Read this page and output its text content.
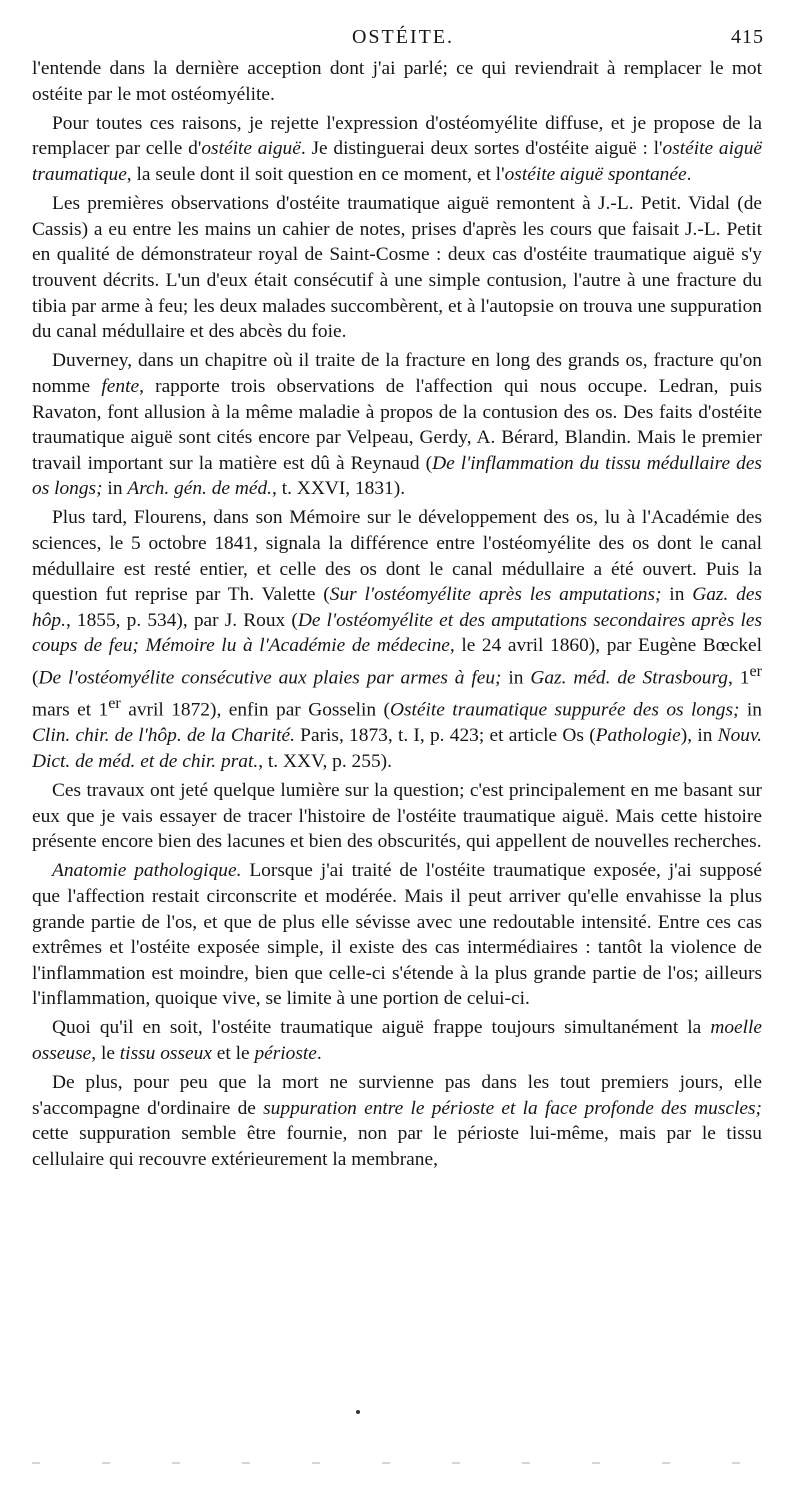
OSTÉITE.	415

l'entende dans la dernière acception dont j'ai parlé; ce qui reviendrait à remplacer le mot ostéite par le mot ostéomyélite.

Pour toutes ces raisons, je rejette l'expression d'ostéomyélite diffuse, et je propose de la remplacer par celle d'ostéite aiguë. Je distinguerai deux sortes d'ostéite aiguë : l'ostéite aiguë traumatique, la seule dont il soit question en ce moment, et l'ostéite aiguë spontanée.

Les premières observations d'ostéite traumatique aiguë remontent à J.-L. Petit. Vidal (de Cassis) a eu entre les mains un cahier de notes, prises d'après les cours que faisait J.-L. Petit en qualité de démonstrateur royal de Saint-Cosme : deux cas d'ostéite traumatique aiguë s'y trouvent décrits. L'un d'eux était consécutif à une simple contusion, l'autre à une fracture du tibia par arme à feu; les deux malades succombèrent, et à l'autopsie on trouva une suppuration du canal médullaire et des abcès du foie.

Duverney, dans un chapitre où il traite de la fracture en long des grands os, fracture qu'on nomme fente, rapporte trois observations de l'affection qui nous occupe. Ledran, puis Ravaton, font allusion à la même maladie à propos de la contusion des os. Des faits d'ostéite traumatique aiguë sont cités encore par Velpeau, Gerdy, A. Bérard, Blandin. Mais le premier travail important sur la matière est dû à Reynaud (De l'inflammation du tissu médullaire des os longs; in Arch. gén. de méd., t. XXVI, 1831).

Plus tard, Flourens, dans son Mémoire sur le développement des os, lu à l'Académie des sciences, le 5 octobre 1841, signala la différence entre l'ostéomyélite des os dont le canal médullaire est resté entier, et celle des os dont le canal médullaire a été ouvert. Puis la question fut reprise par Th. Valette (Sur l'ostéomyélite après les amputations; in Gaz. des hôp., 1855, p. 534), par J. Roux (De l'ostéomyélite et des amputations secondaires après les coups de feu; Mémoire lu à l'Académie de médecine, le 24 avril 1860), par Eugène Bœckel (De l'ostéomyélite consécutive aux plaies par armes à feu; in Gaz. méd. de Strasbourg, 1er mars et 1er avril 1872), enfin par Gosselin (Ostéite traumatique suppurée des os longs; in Clin. chir. de l'hôp. de la Charité. Paris, 1873, t. I, p. 423; et article Os (Pathologie), in Nouv. Dict. de méd. et de chir. prat., t. XXV, p. 255).

Ces travaux ont jeté quelque lumière sur la question; c'est principalement en me basant sur eux que je vais essayer de tracer l'histoire de l'ostéite traumatique aiguë. Mais cette histoire présente encore bien des lacunes et bien des obscurités, qui appellent de nouvelles recherches.

Anatomie pathologique. Lorsque j'ai traité de l'ostéite traumatique exposée, j'ai supposé que l'affection restait circonscrite et modérée. Mais il peut arriver qu'elle envahisse la plus grande partie de l'os, et que de plus elle sévisse avec une redoutable intensité. Entre ces cas extrêmes et l'ostéite exposée simple, il existe des cas intermédiaires : tantôt la violence de l'inflammation est moindre, bien que celle-ci s'étende à la plus grande partie de l'os; ailleurs l'inflammation, quoique vive, se limite à une portion de celui-ci.

Quoi qu'il en soit, l'ostéite traumatique aiguë frappe toujours simultanément la moelle osseuse, le tissu osseux et le périoste.

De plus, pour peu que la mort ne survienne pas dans les tout premiers jours, elle s'accompagne d'ordinaire de suppuration entre le périoste et la face profonde des muscles; cette suppuration semble être fournie, non par le périoste lui-même, mais par le tissu cellulaire qui recouvre extérieurement la membrane,
